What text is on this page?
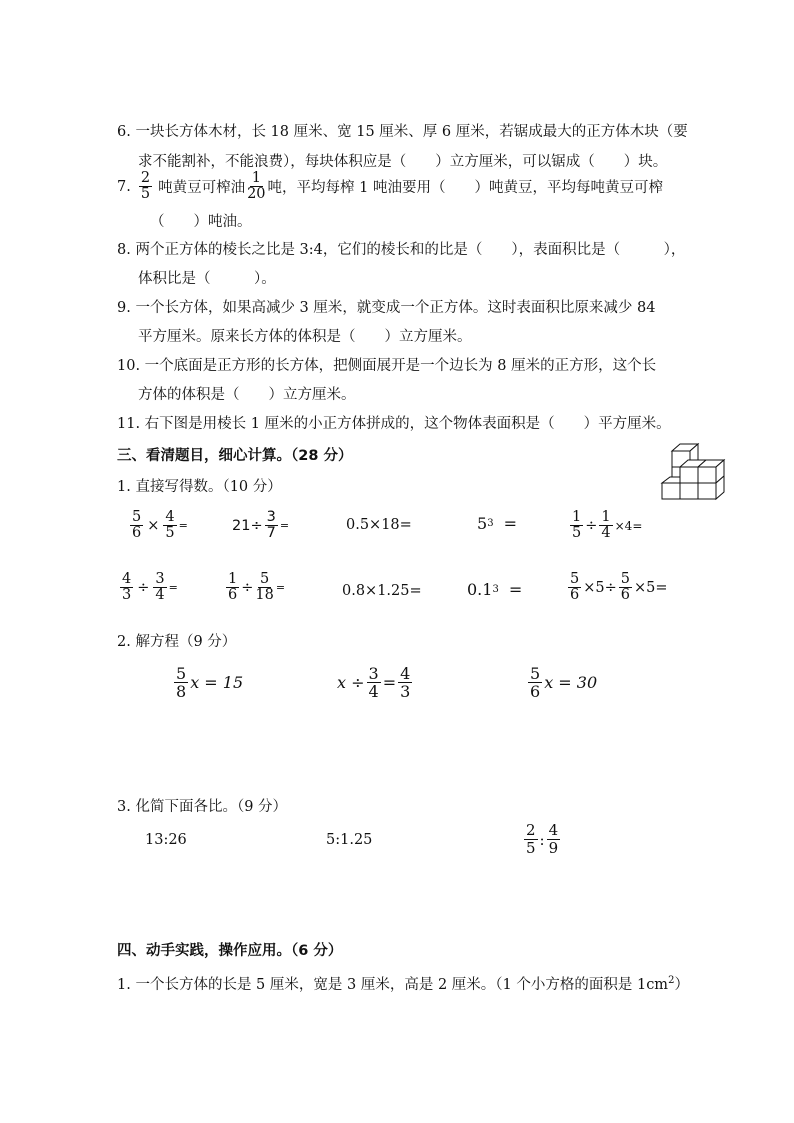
6. 一块长方体木材，长 18 厘米、宽 15 厘米、厚 6 厘米，若锯成最大的正方体木块（要
求不能割补，不能浪费），每块体积应是（　　）立方厘米，可以锯成（　　）块。
7. $\frac{2}{5}$ 吨黄豆可榨油 $\frac{1}{20}$ 吨，平均每榨 1 吨油要用（　　）吨黄豆，平均每吨黄豆可榨
（　　）吨油。
8. 两个正方体的棱长之比是 3:4，它们的棱长和的比是（　　），表面积比是（　　　），
体积比是（　　　）。
9. 一个长方体，如果高减少 3 厘米，就变成一个正方体。这时表面积比原来减少 84
平方厘米。原来长方体的体积是（　　）立方厘米。
10. 一个底面是正方形的长方体，把侧面展开是一个边长为 8 厘米的正方形，这个长
方体的体积是（　　）立方厘米。
11. 右下图是用棱长 1 厘米的小正方体拼成的，这个物体表面积是（　　）平方厘米。
三、看清题目，细心计算。（28 分）
1. 直接写得数。（10 分）
$\frac{5}{6} \times \frac{4}{5}$ =	$21\div \frac{3}{7}$ =	0.5×18=	5 3 =	$\frac{1}{5} \div \frac{1}{4} \times 4=$
$\frac{4}{3} \div \frac{3}{4}$ =	$\frac{1}{6} \div \frac{5}{18}$ =	0.8×1.25=	0.1 3 =	$\frac{5}{6} \times 5\div \frac{5}{6} \times 5=$
2. 解方程（9 分）
$\frac{5}{8}$ x = 15	$x \div \frac{3}{4} = \frac{4}{3}$	$\frac{5}{6}$ x = 30
3. 化简下面各比。（9 分）
13:26	5:1.25	$\frac{2}{5}$ : $\frac{4}{9}$
四、动手实践，操作应用。（6 分）
1. 一个长方体的长是 5 厘米，宽是 3 厘米，高是 2 厘米。（1 个小方格的面积是 $1cm^2$）
